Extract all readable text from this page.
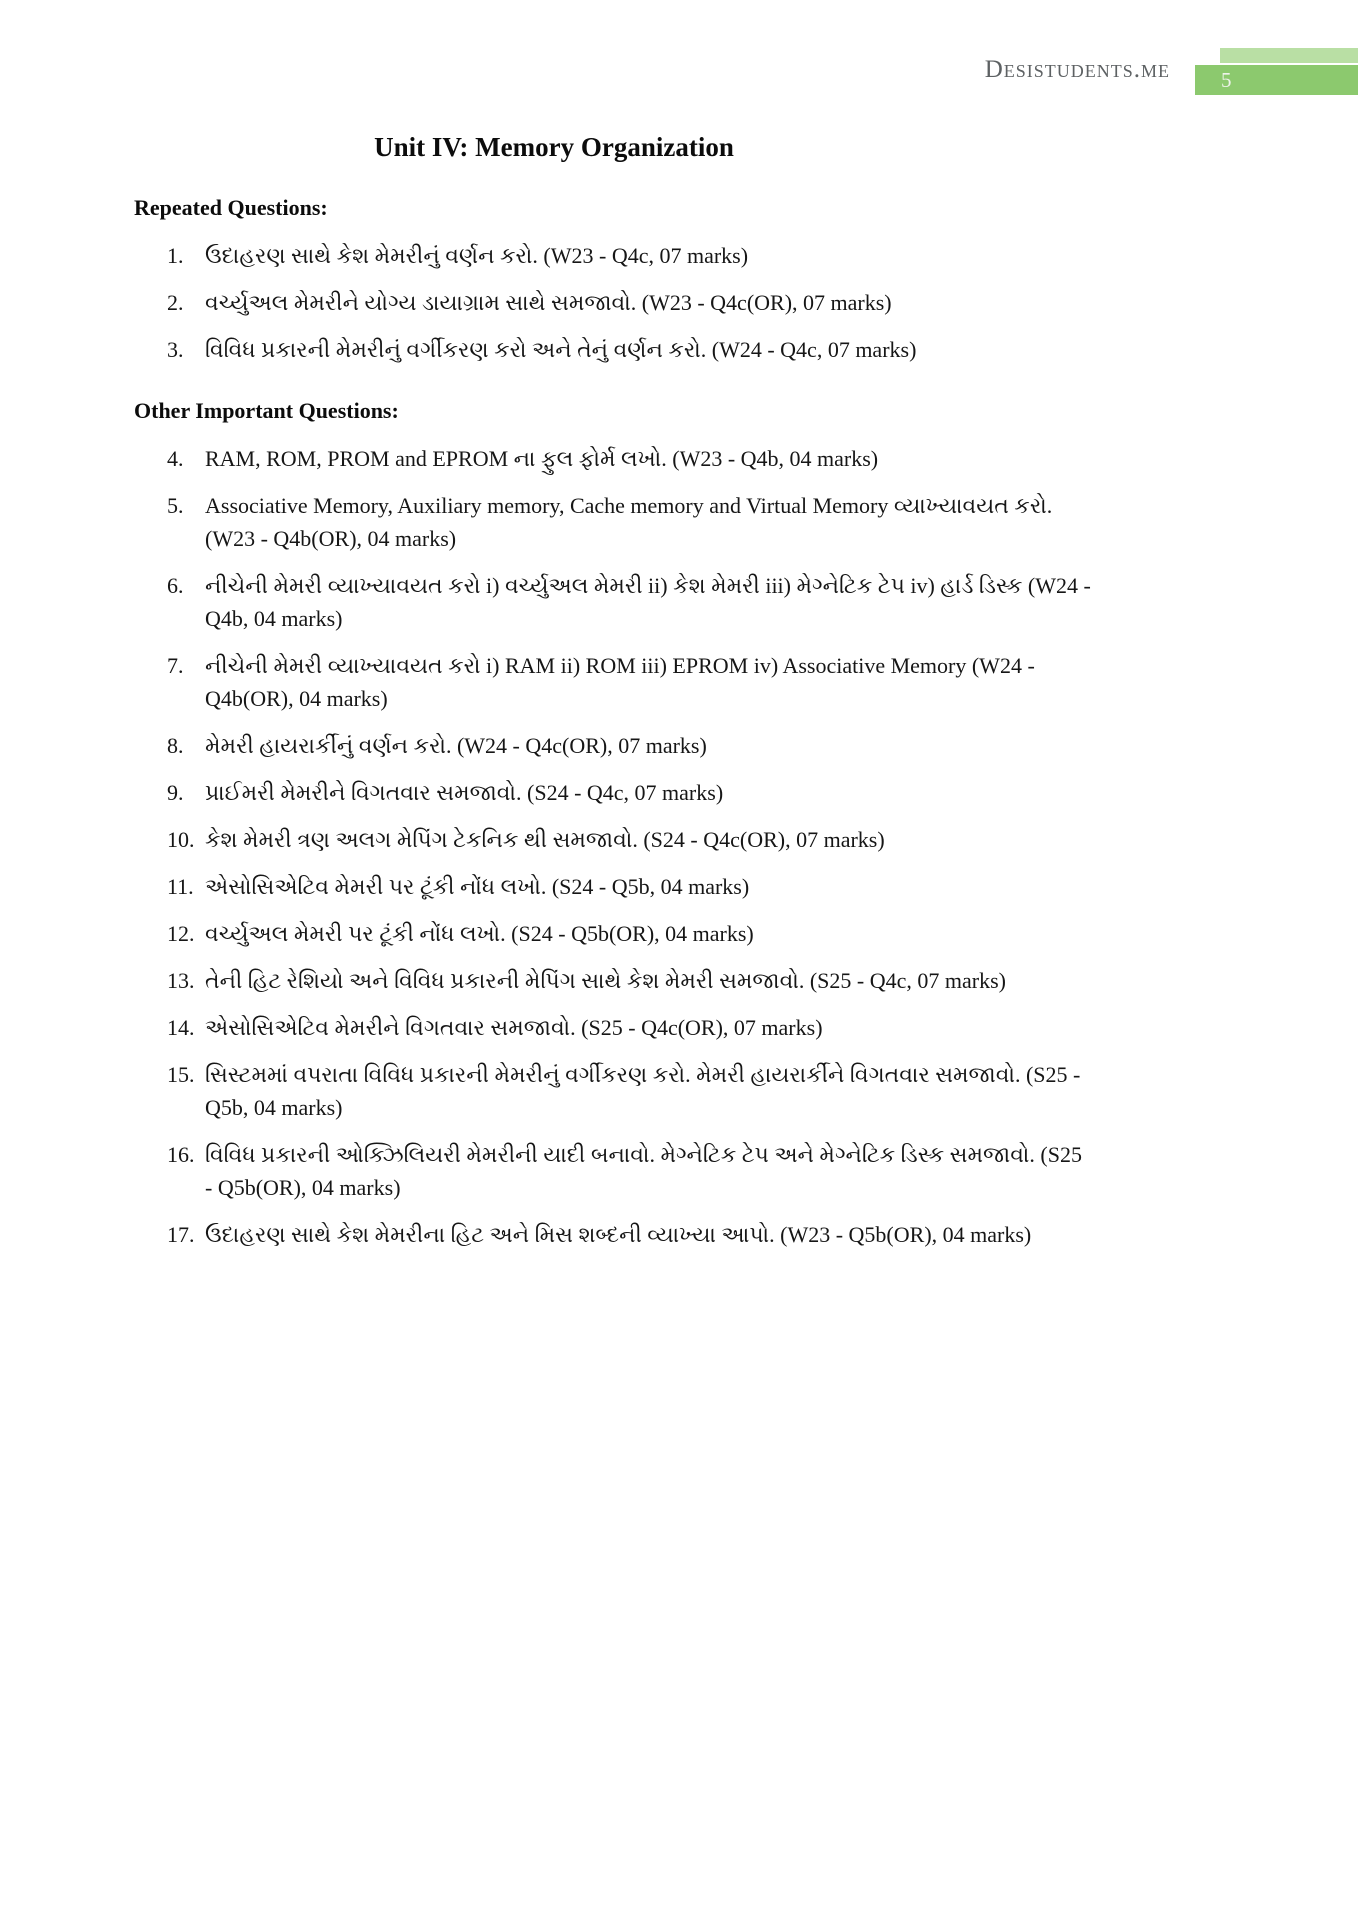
Desistudents.me 5
Unit IV: Memory Organization
Repeated Questions:
1. ઉદાહરણ સાથે કેશ મેમરીનું વર્ણન કરો. (W23 - Q4c, 07 marks)
2. વર્ચ્યુઅલ મેમરીને યોગ્ય ડાયાગ્રામ સાથે સમજાવો. (W23 - Q4c(OR), 07 marks)
3. વિવિધ પ્રકારની મેમરીનું વર્ગીકરણ કરો અને તેનું વર્ણન કરો. (W24 - Q4c, 07 marks)
Other Important Questions:
4. RAM, ROM, PROM and EPROM ના ફુલ ફોર્મ લખો. (W23 - Q4b, 04 marks)
5. Associative Memory, Auxiliary memory, Cache memory and Virtual Memory વ્યાખ્યાવયત કરો. (W23 - Q4b(OR), 04 marks)
6. નીચેની મેમરી વ્યાખ્યાવયત કરો i) વર્ચ્યુઅલ મેમરી ii) કેશ મેમરી iii) મેગ્નેટિક ટેપ iv) હાર્ડ ડિસ્ક (W24 - Q4b, 04 marks)
7. નીચેની મેમરી વ્યાખ્યાવયત કરો i) RAM ii) ROM iii) EPROM iv) Associative Memory (W24 - Q4b(OR), 04 marks)
8. મેમરી હાયરાર્કીનું વર્ણન કરો. (W24 - Q4c(OR), 07 marks)
9. પ્રાઈમરી મેમરીને વિગતવાર સમજાવો. (S24 - Q4c, 07 marks)
10. કેશ મેમરી ત્રણ અલગ મેપિંગ ટેકનિક થી સમજાવો. (S24 - Q4c(OR), 07 marks)
11. એસોસિએટિવ મેમરી પર ટૂંકી નોંધ લખો. (S24 - Q5b, 04 marks)
12. વર્ચ્યુઅલ મેમરી પર ટૂંકી નોંધ લખો. (S24 - Q5b(OR), 04 marks)
13. તેની હિટ રેશિયો અને વિવિધ પ્રકારની મેપિંગ સાથે કેશ મેમરી સમજાવો. (S25 - Q4c, 07 marks)
14. એસોસિએટિવ મેમરીને વિગતવાર સમજાવો. (S25 - Q4c(OR), 07 marks)
15. સિસ્ટમમાં વપરાતા વિવિધ પ્રકારની મેમરીનું વર્ગીકરણ કરો. મેમરી હાયરાર્કીને વિગતવાર સમજાવો. (S25 - Q5b, 04 marks)
16. વિવિધ પ્રકારની ઓક્ઝિલિયરી મેમરીની યાદી બનાવો. મેગ્નેટિક ટેપ અને મેગ્નેટિક ડિસ્ક સમજાવો. (S25 - Q5b(OR), 04 marks)
17. ઉદાહરણ સાથે કેશ મેમરીના હિટ અને મિસ શબ્દની વ્યાખ્યા આપો. (W23 - Q5b(OR), 04 marks)
